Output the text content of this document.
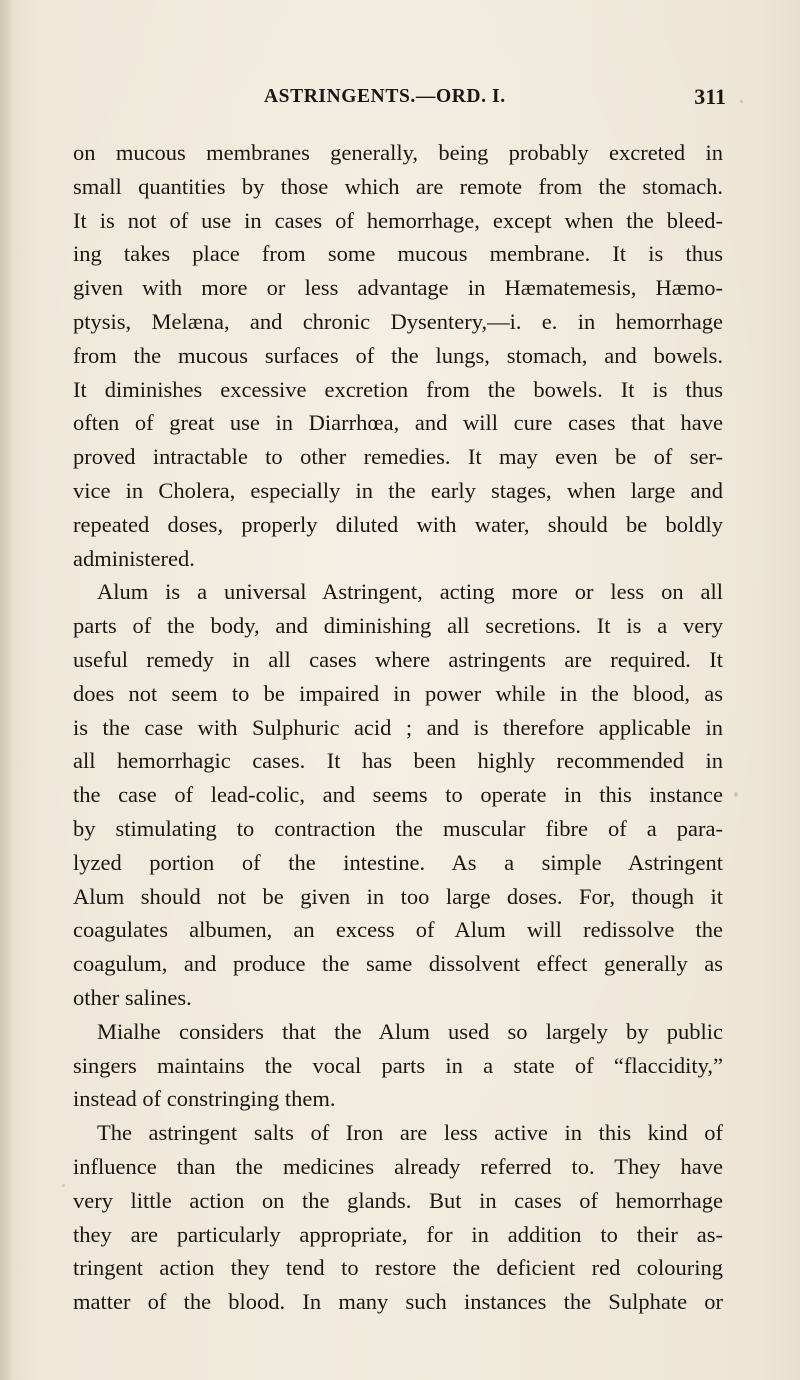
ASTRINGENTS.—ORD. I.	311
on mucous membranes generally, being probably excreted in
small quantities by those which are remote from the stomach.
It is not of use in cases of hemorrhage, except when the bleed-
ing takes place from some mucous membrane. It is thus
given with more or less advantage in Hæmatemesis, Hæmo-
ptysis, Melæna, and chronic Dysentery,—i. e. in hemorrhage
from the mucous surfaces of the lungs, stomach, and bowels.
It diminishes excessive excretion from the bowels. It is thus
often of great use in Diarrhœa, and will cure cases that have
proved intractable to other remedies. It may even be of ser-
vice in Cholera, especially in the early stages, when large and
repeated doses, properly diluted with water, should be boldly
administered.
Alum is a universal Astringent, acting more or less on all
parts of the body, and diminishing all secretions. It is a very
useful remedy in all cases where astringents are required. It
does not seem to be impaired in power while in the blood, as
is the case with Sulphuric acid ; and is therefore applicable in
all hemorrhagic cases. It has been highly recommended in
the case of lead-colic, and seems to operate in this instance
by stimulating to contraction the muscular fibre of a para-
lyzed portion of the intestine. As a simple Astringent
Alum should not be given in too large doses. For, though it
coagulates albumen, an excess of Alum will redissolve the
coagulum, and produce the same dissolvent effect generally as
other salines.
Mialhe considers that the Alum used so largely by public
singers maintains the vocal parts in a state of “flaccidity,”
instead of constringing them.
The astringent salts of Iron are less active in this kind of
influence than the medicines already referred to. They have
very little action on the glands. But in cases of hemorrhage
they are particularly appropriate, for in addition to their as-
tringent action they tend to restore the deficient red colouring
matter of the blood. In many such instances the Sulphate or
